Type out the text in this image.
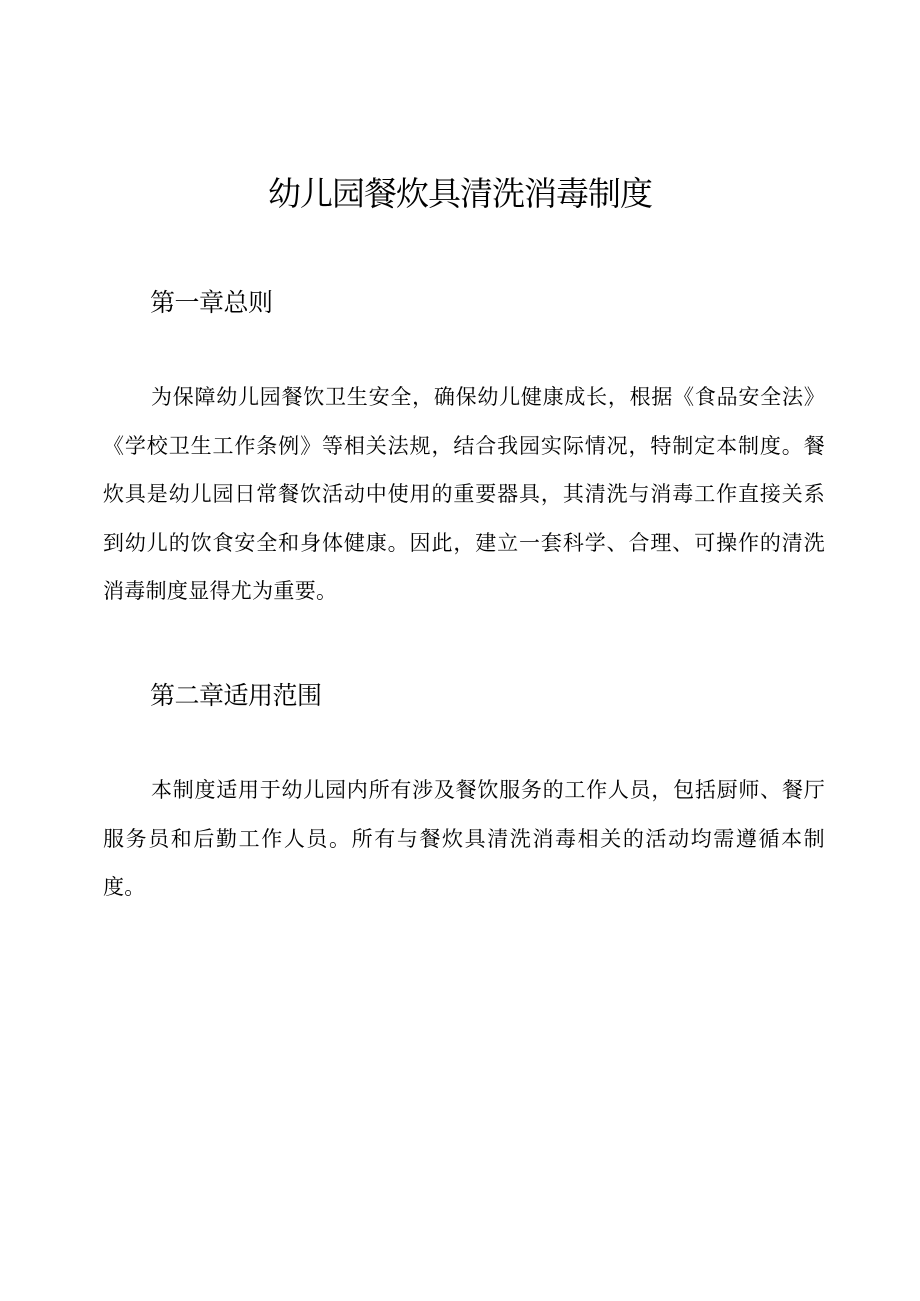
幼儿园餐炊具清洗消毒制度
第一章总则

为保障幼儿园餐饮卫生安全，确保幼儿健康成长，根据《食品安全法》《学校卫生工作条例》等相关法规，结合我园实际情况，特制定本制度。餐炊具是幼儿园日常餐饮活动中使用的重要器具，其清洗与消毒工作直接关系到幼儿的饮食安全和身体健康。因此，建立一套科学、合理、可操作的清洗消毒制度显得尤为重要。

第二章适用范围

本制度适用于幼儿园内所有涉及餐饮服务的工作人员，包括厨师、餐厅服务员和后勤工作人员。所有与餐炊具清洗消毒相关的活动均需遵循本制度。
